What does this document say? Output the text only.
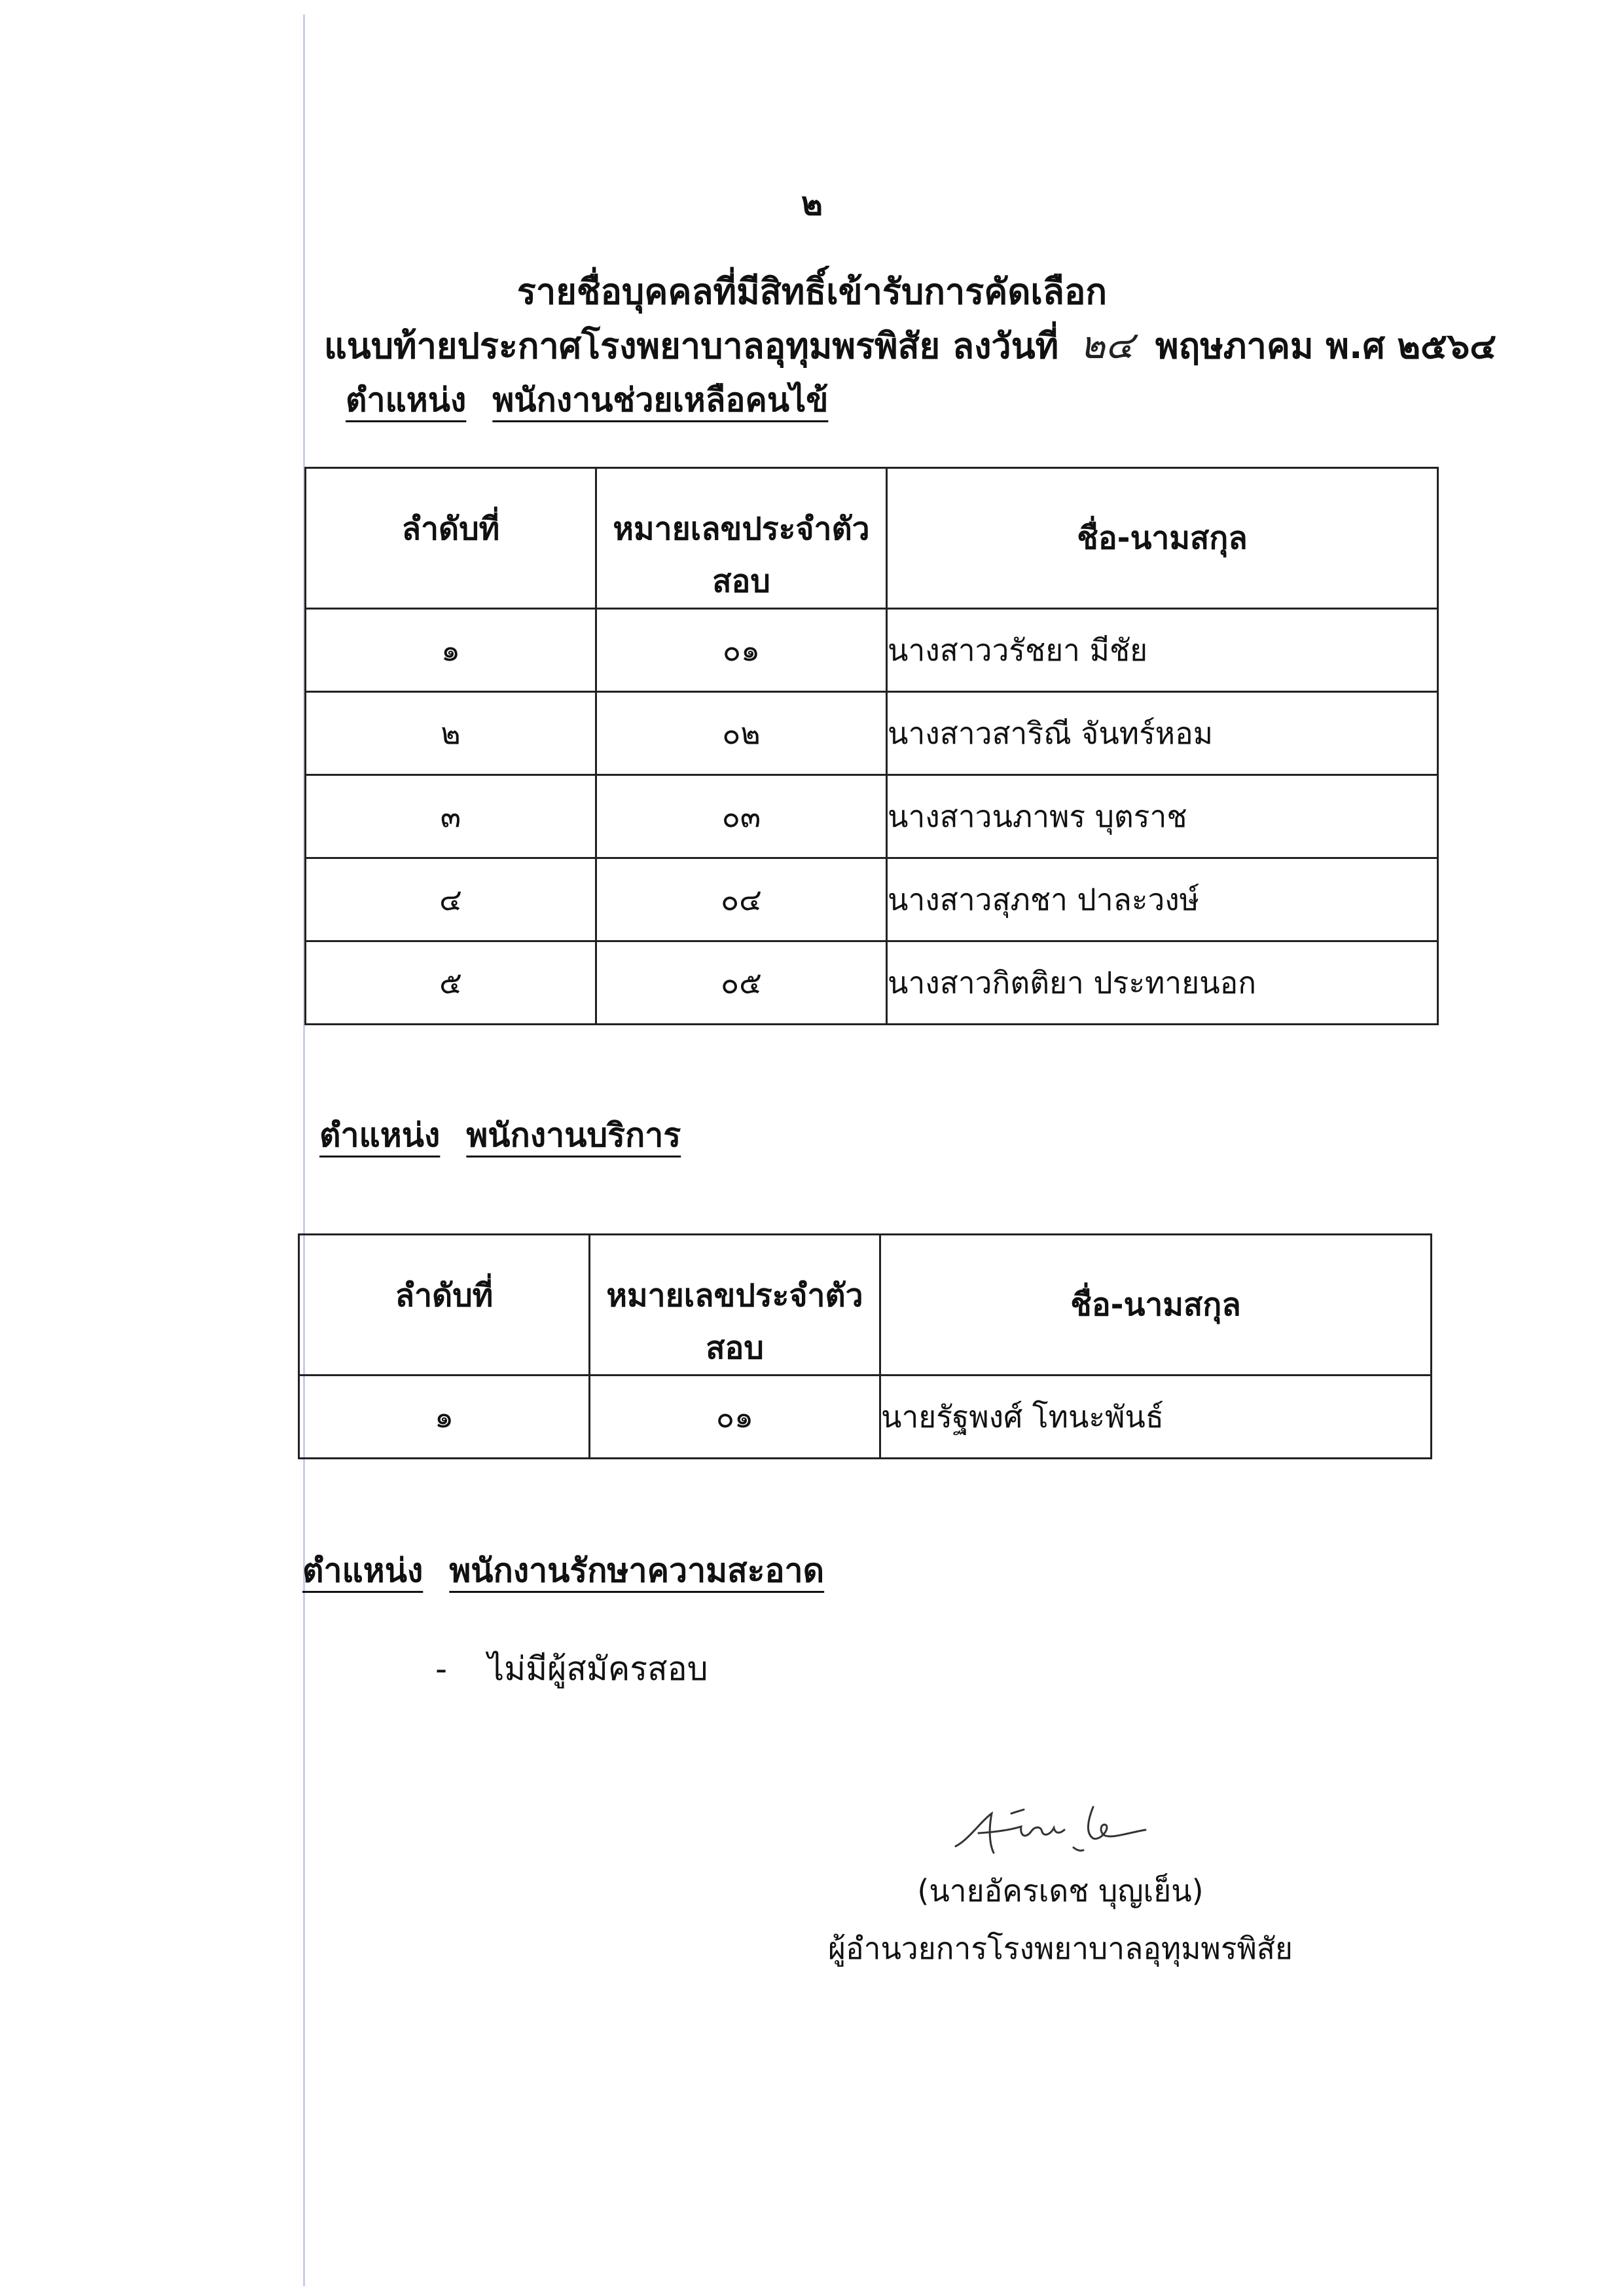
๒
รายชื่อบุคคลที่มีสิทธิ์เข้ารับการคัดเลือก
แนบท้ายประกาศโรงพยาบาลอุทุมพรพิสัย ลงวันที่ ๒๔ พฤษภาคม พ.ศ ๒๕๖๔
ตำแหน่ง พนักงานช่วยเหลือคนไข้
ลำดับที่	หมายเลขประจำตัว สอบ	ชื่อ-นามสกุล
๑	๐๑	นางสาววรัชยา มีชัย
๒	๐๒	นางสาวสาริณี จันทร์หอม
๓	๐๓	นางสาวนภาพร บุตราช
๔	๐๔	นางสาวสุภชา ปาละวงษ์
๕	๐๕	นางสาวกิตติยา ประทายนอก
ตำแหน่ง พนักงานบริการ
ลำดับที่	หมายเลขประจำตัว สอบ	ชื่อ-นามสกุล
๑	๐๑	นายรัฐพงศ์ โทนะพันธ์
ตำแหน่ง พนักงานรักษาความสะอาด
- ไม่มีผู้สมัครสอบ
(นายอัครเดช บุญเย็น)
ผู้อำนวยการโรงพยาบาลอุทุมพรพิสัย
